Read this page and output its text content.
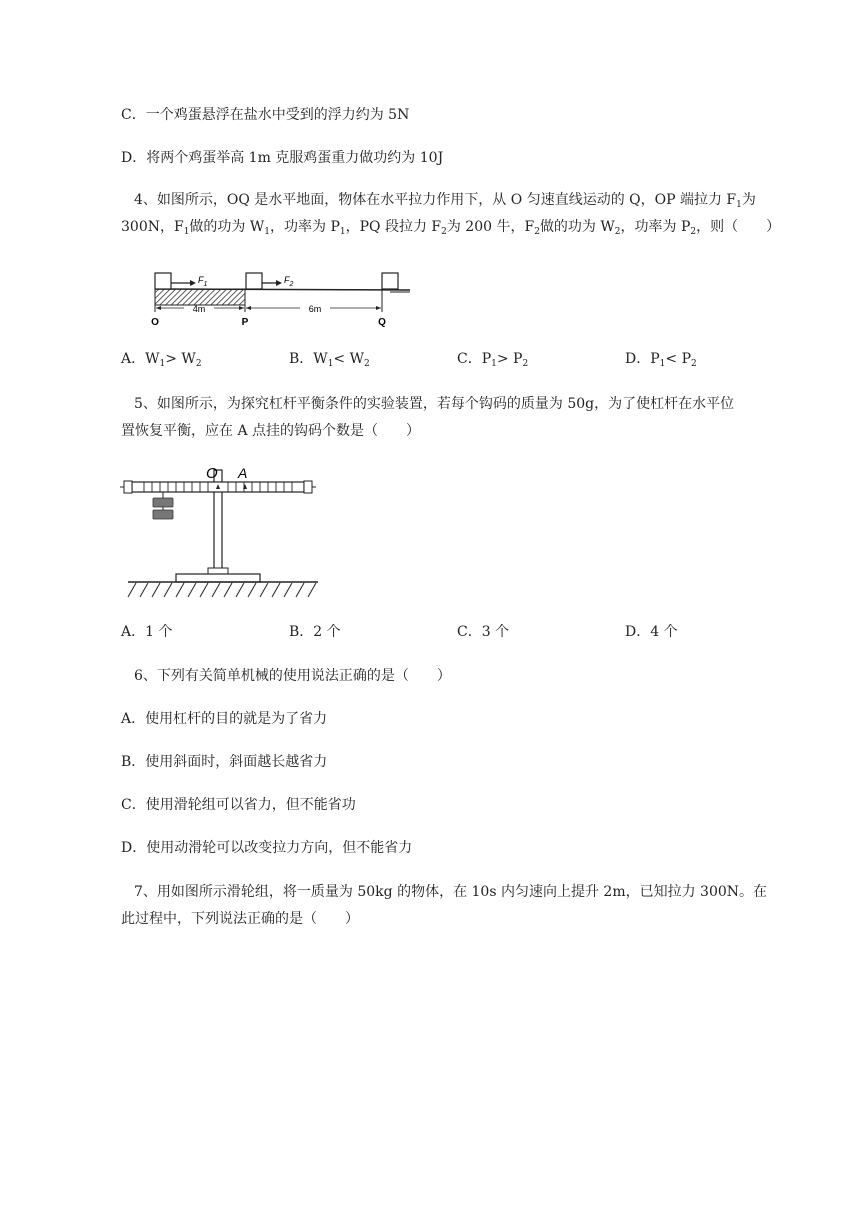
C．一个鸡蛋悬浮在盐水中受到的浮力约为 5N
D．将两个鸡蛋举高 1m 克服鸡蛋重力做功约为 10J
4、如图所示，OQ 是水平地面，物体在水平拉力作用下，从 O 匀速直线运动的 Q，OP 端拉力 $F_1$为
300N，$F_1$做的功为 $W_1$，功率为 $P_1$，PQ 段拉力 $F_2$为 200 牛，$F_2$做的功为 $W_2$，功率为 $P_2$，则（　　）
$F_1$	$F_2$
4m	6m
O	P	Q
A．$W_1> W_2$	B．$W_1< W_2$	C．$P_1> P_2$	D．$P_1< P_2$
5、如图所示，为探究杠杆平衡条件的实验装置，若每个钩码的质量为 50g，为了使杠杆在水平位
置恢复平衡，应在 A 点挂的钩码个数是（　　）
O A
A．1 个	B．2 个	C．3 个	D．4 个
6、下列有关简单机械的使用说法正确的是（　　）
A．使用杠杆的目的就是为了省力
B．使用斜面时，斜面越长越省力
C．使用滑轮组可以省力，但不能省功
D．使用动滑轮可以改变拉力方向，但不能省力
7、用如图所示滑轮组，将一质量为 50kg 的物体，在 10s 内匀速向上提升 2m，已知拉力 300N。在
此过程中，下列说法正确的是（　　）
